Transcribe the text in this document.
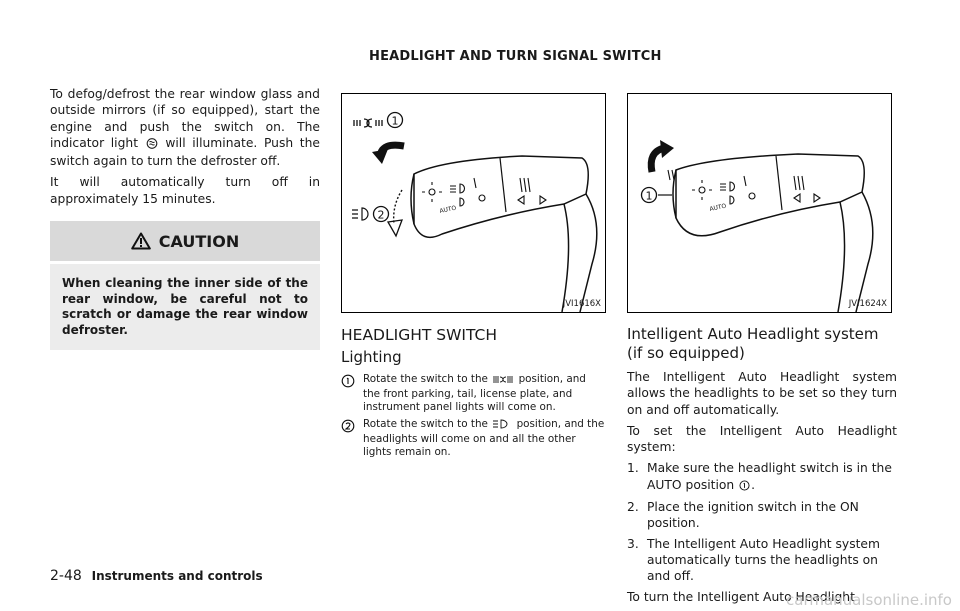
HEADLIGHT AND TURN SIGNAL SWITCH

To defog/defrost the rear window glass and outside mirrors (if so equipped), start the engine and push the switch on. The indicator light will illuminate. Push the switch again to turn the defroster off.

It will automatically turn off in approximately 15 minutes.

CAUTION
When cleaning the inner side of the rear window, be careful not to scratch or damage the rear window defroster.
1
2	AUTO
JVI1616X
HEADLIGHT SWITCH
Lighting
Rotate the switch to the	position, and the front parking, tail, license plate, and instrument panel lights will come on.
Rotate the switch to the	position, and the headlights will come on and all the other lights remain on.
1
AUTO
JVI1624X
Intelligent Auto Headlight system (if so equipped)

The Intelligent Auto Headlight system allows the headlights to be set so they turn on and off automatically.

To set the Intelligent Auto Headlight system:

1. Make sure the headlight switch is in the AUTO position .
2. Place the ignition switch in the ON position.
3. The Intelligent Auto Headlight system automatically turns the headlights on and off.

To turn the Intelligent Auto Headlight

2-48 Instruments and controls
carmanualsonline.info
